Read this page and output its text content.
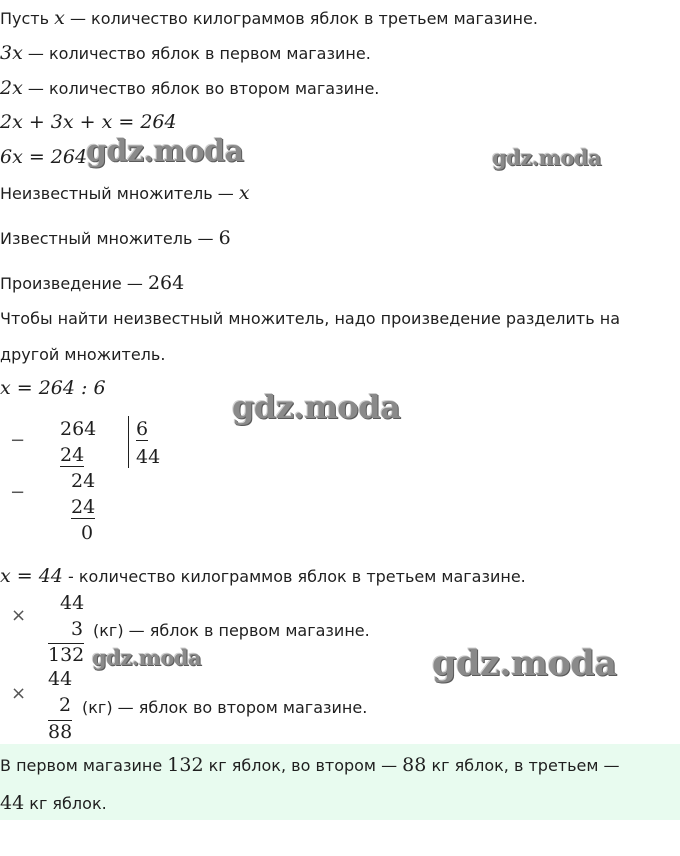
Пусть x — количество килограммов яблок в третьем магазине.
3x — количество яблок в первом магазине.
2x — количество яблок во втором магазине.
2x + 3x + x = 264
6x = 264
Неизвестный множитель — x
Известный множитель — 6
Произведение — 264
Чтобы найти неизвестный множитель, надо произведение разделить на
другой множитель.
x = 264 : 6
−
264
24
6
44
−
24
24
0
x = 44 - количество килограммов яблок в третьем магазине.
×
44
3 (кг) — яблок в первом магазине.
132
44
×
2 (кг) — яблок во втором магазине.
88
В первом магазине 132 кг яблок, во втором — 88 кг яблок, в третьем —
44 кг яблок.
gdz.moda	gdz.moda
gdz.moda
gdz.moda	gdz.moda
